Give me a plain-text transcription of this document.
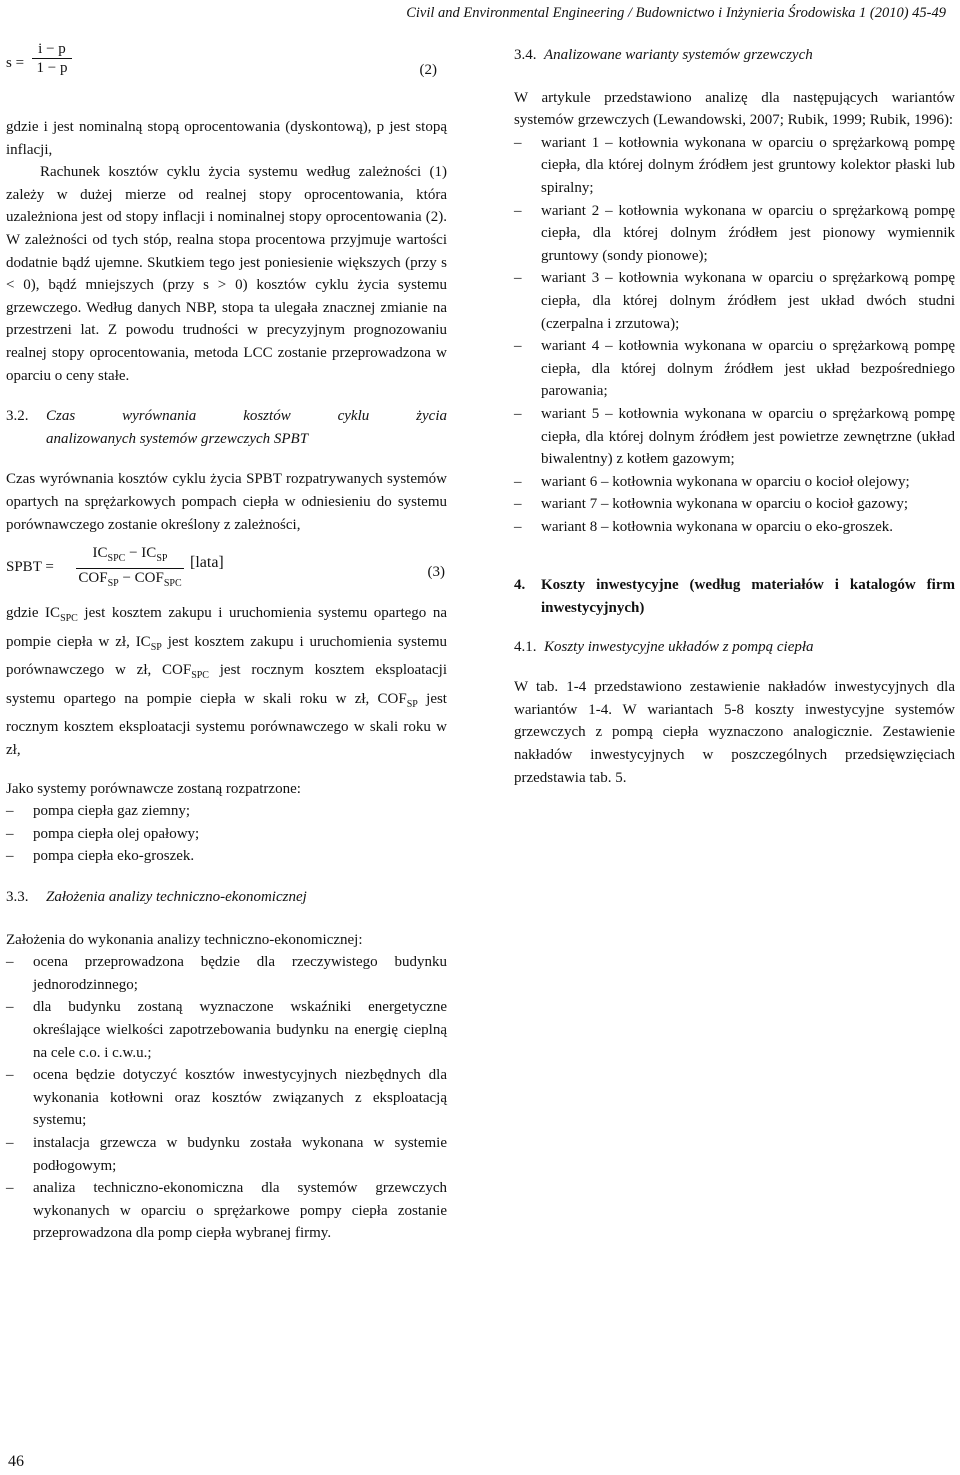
Civil and Environmental Engineering / Budownictwo i Inżynieria Środowiska 1 (2010) 45-49
s =
i − p
1 − p	(2)

gdzie i jest nominalną stopą oprocentowania (dyskontową), p jest stopą inflacji,

Rachunek kosztów cyklu życia systemu według zależności (1) zależy w dużej mierze od realnej stopy oprocentowania, która uzależniona jest od stopy inflacji i nominalnej stopy oprocentowania (2). W zależności od tych stóp, realna stopa procentowa przyjmuje wartości dodatnie bądź ujemne. Skutkiem tego jest poniesienie większych (przy s < 0), bądź mniejszych (przy s > 0) kosztów cyklu życia systemu grzewczego. Według danych NBP, stopa ta ulegała znacznej zmianie na przestrzeni lat. Z powodu trudności w precyzyjnym prognozowaniu realnej stopy oprocentowania, metoda LCC zostanie przeprowadzona w oparciu o ceny stałe.

3.2.	Czas wyrównania kosztów cyklu życia
analizowanych systemów grzewczych SPBT

Czas wyrównania kosztów cyklu życia SPBT rozpatrywanych systemów opartych na sprężarkowych pompach ciepła w odniesieniu do systemu porównawczego zostanie określony z zależności,

SPBT =
$IC_{SPC} - IC_{SP}$
$COF_{SP} - COF_{SPC}$
[lata]
(3)

gdzie $IC_{SPC}$ jest kosztem zakupu i uruchomienia systemu opartego na pompie ciepła w zł, $IC_{SP}$ jest kosztem zakupu i uruchomienia systemu porównawczego w zł, $COF_{SPC}$ jest rocznym kosztem eksploatacji systemu opartego na pompie ciepła w skali roku w zł, $COF_{SP}$ jest rocznym kosztem eksploatacji systemu porównawczego w skali roku w zł,

Jako systemy porównawcze zostaną rozpatrzone:

– pompa ciepła gaz ziemny;
– pompa ciepła olej opałowy;
– pompa ciepła eko-groszek.
3.3.	Założenia analizy techniczno-ekonomicznej

Założenia do wykonania analizy techniczno-ekonomicznej:

– ocena przeprowadzona będzie dla rzeczywistego budynku jednorodzinnego;
– dla budynku zostaną wyznaczone wskaźniki energetyczne określające wielkości zapotrzebowania budynku na energię cieplną na cele c.o. i c.w.u.;
– ocena będzie dotyczyć kosztów inwestycyjnych niezbędnych dla wykonania kotłowni oraz kosztów związanych z eksploatacją systemu;
– instalacja grzewcza w budynku została wykonana w systemie podłogowym;
– analiza techniczno-ekonomiczna dla systemów grzewczych wykonanych w oparciu o sprężarkowe pompy ciepła zostanie przeprowadzona dla pomp ciepła wybranej firmy.
3.4. Analizowane warianty systemów grzewczych

W artykule przedstawiono analizę dla następujących wariantów systemów grzewczych (Lewandowski, 2007; Rubik, 1999; Rubik, 1996):

– wariant 1 – kotłownia wykonana w oparciu o sprężarkową pompę ciepła, dla której dolnym źródłem jest gruntowy kolektor płaski lub spiralny;
– wariant 2 – kotłownia wykonana w oparciu o sprężarkową pompę ciepła, dla której dolnym źródłem jest pionowy wymiennik gruntowy (sondy pionowe);
– wariant 3 – kotłownia wykonana w oparciu o sprężarkową pompę ciepła, dla której dolnym źródłem jest układ dwóch studni (czerpalna i zrzutowa);
– wariant 4 – kotłownia wykonana w oparciu o sprężarkową pompę ciepła, dla której dolnym źródłem jest układ bezpośredniego parowania;
– wariant 5 – kotłownia wykonana w oparciu o sprężarkową pompę ciepła, dla której dolnym źródłem jest powietrze zewnętrzne (układ biwalentny) z kotłem gazowym;
– wariant 6 – kotłownia wykonana w oparciu o kocioł olejowy;
– wariant 7 – kotłownia wykonana w oparciu o kocioł gazowy;
– wariant 8 – kotłownia wykonana w oparciu o eko-groszek.
4.	Koszty inwestycyjne (według materiałów i katalogów firm inwestycyjnych)
4.1. Koszty inwestycyjne układów z pompą ciepła

W tab. 1-4 przedstawiono zestawienie nakładów inwestycyjnych dla wariantów 1-4. W wariantach 5-8 koszty inwestycyjne systemów grzewczych z pompą ciepła wyznaczono analogicznie. Zestawienie nakładów inwestycyjnych w poszczególnych przedsięwzięciach przedstawia tab. 5.

46
